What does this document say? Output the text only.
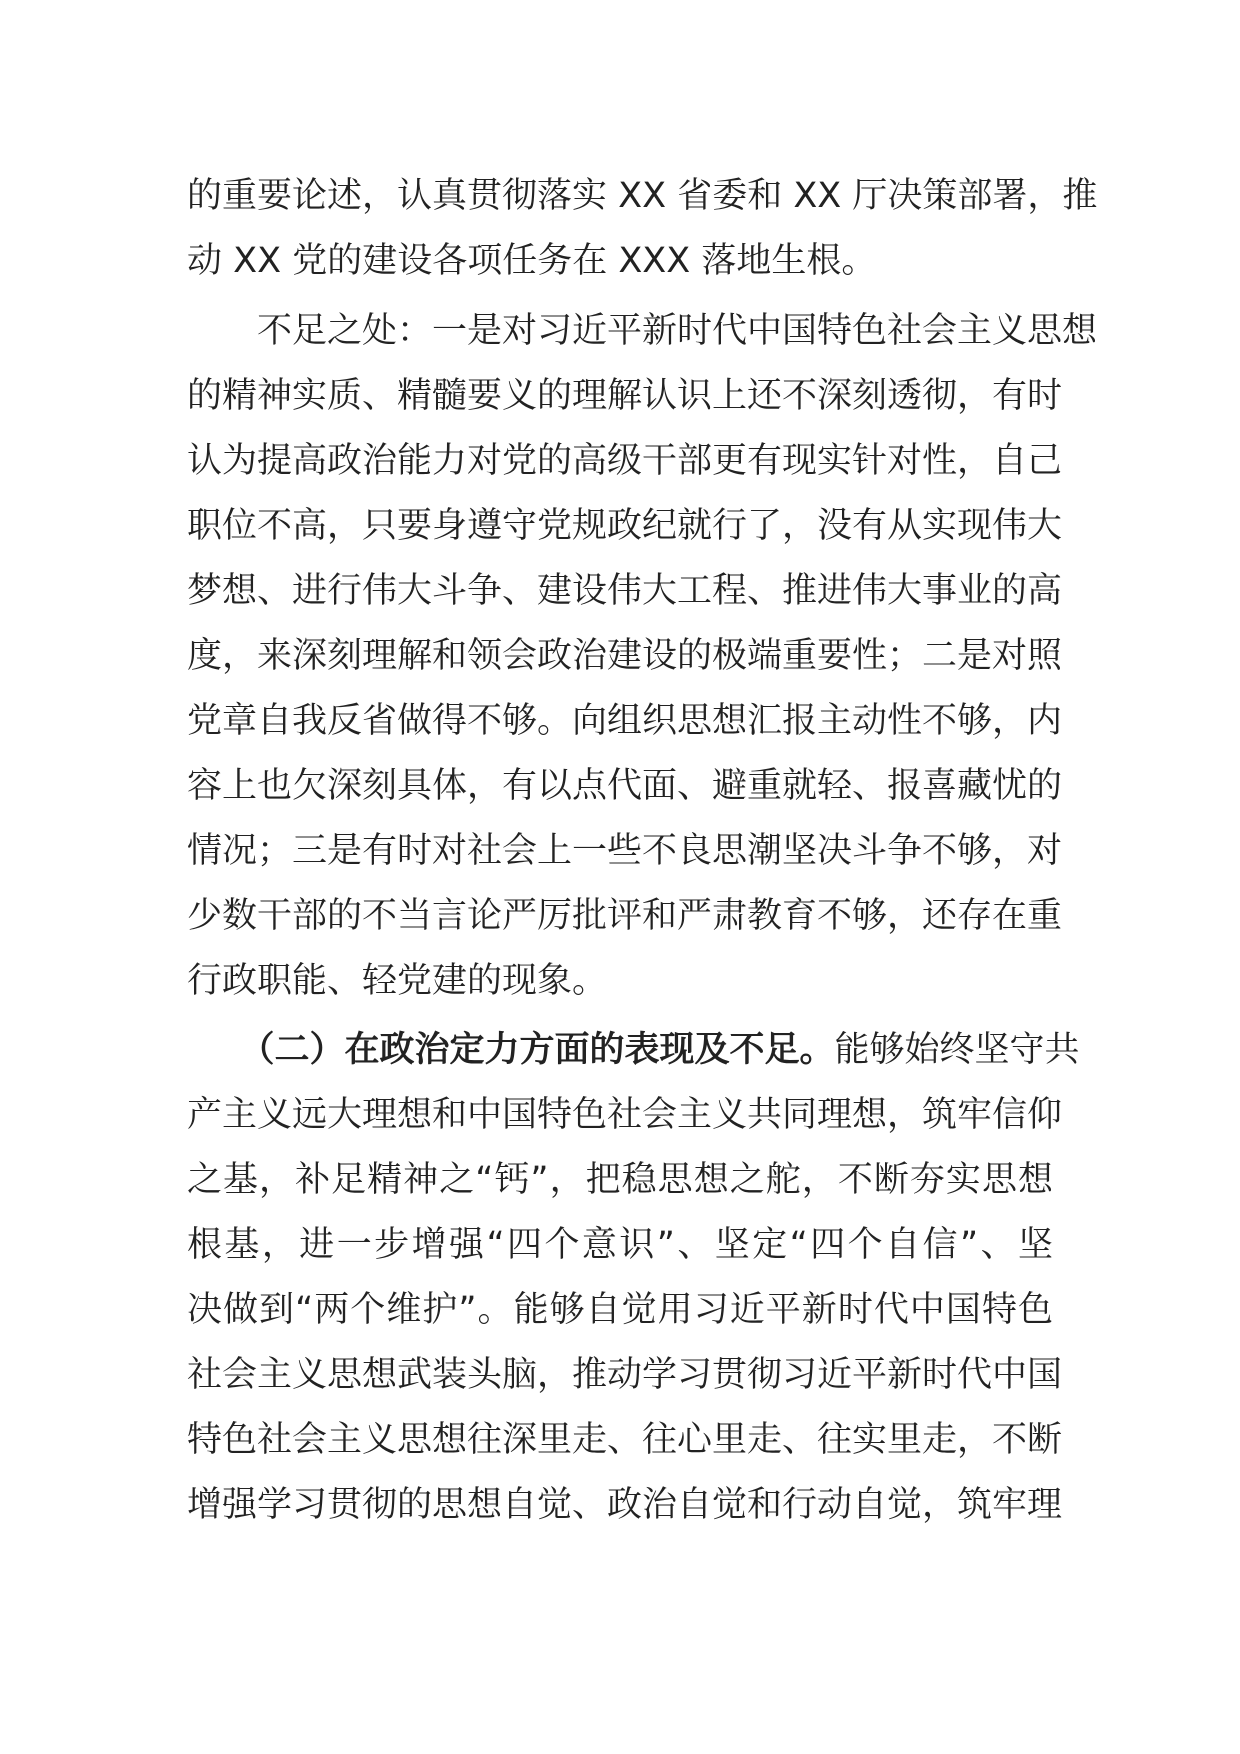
的重要论述，认真贯彻落实 XX 省委和 XX 厅决策部署，推
动 XX 党的建设各项任务在 XXX 落地生根。
　　不足之处：一是对习近平新时代中国特色社会主义思想
的精神实质、精髓要义的理解认识上还不深刻透彻，有时
认为提高政治能力对党的高级干部更有现实针对性，自己
职位不高，只要身遵守党规政纪就行了，没有从实现伟大
梦想、进行伟大斗争、建设伟大工程、推进伟大事业的高
度，来深刻理解和领会政治建设的极端重要性；二是对照
党章自我反省做得不够。向组织思想汇报主动性不够，内
容上也欠深刻具体，有以点代面、避重就轻、报喜藏忧的
情况；三是有时对社会上一些不良思潮坚决斗争不够，对
少数干部的不当言论严厉批评和严肃教育不够，还存在重
行政职能、轻党建的现象。
　　（二）在政治定力方面的表现及不足。能够始终坚守共
产主义远大理想和中国特色社会主义共同理想，筑牢信仰
之基，补足精神之“钙”，把稳思想之舵，不断夯实思想
根基，进一步增强“四个意识”、坚定“四个自信”、坚
决做到“两个维护”。能够自觉用习近平新时代中国特色
社会主义思想武装头脑，推动学习贯彻习近平新时代中国
特色社会主义思想往深里走、往心里走、往实里走，不断
增强学习贯彻的思想自觉、政治自觉和行动自觉，筑牢理
